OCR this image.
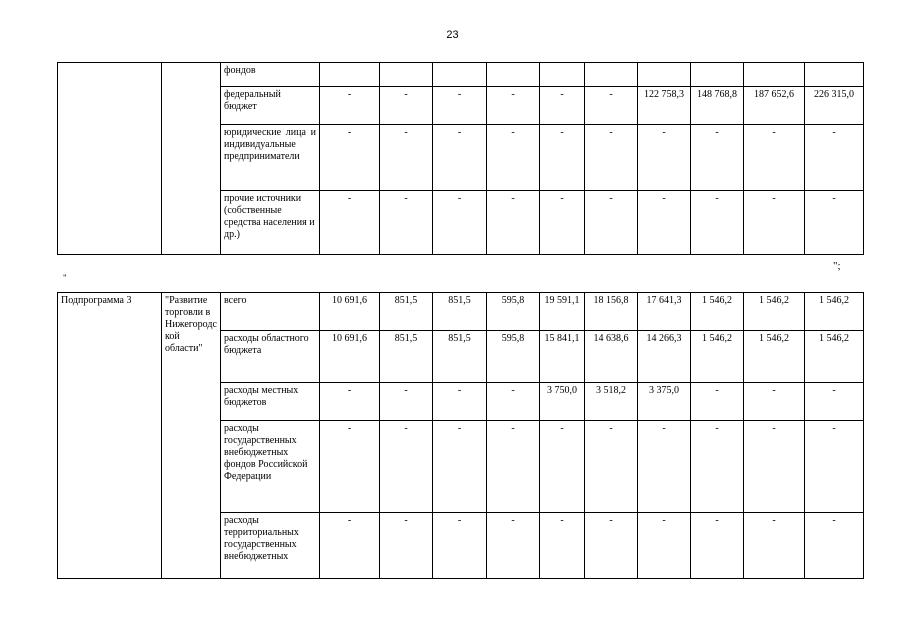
23
		фондов										
		федеральный бюджет	-	-	-	-	-	-	122 758,3	148 768,8	187 652,6	226 315,0
		юридические лица и индивидуальные предприниматели	-	-	-	-	-	-	-	-	-	-
		прочие источники (собственные средства населения и др.)	-	-	-	-	-	-	-	-	-	-
";
"
Подпрограмма 3	"Развитие торговли в Нижегородской области"	всего	10 691,6	851,5	851,5	595,8	19 591,1	18 156,8	17 641,3	1 546,2	1 546,2	1 546,2
		расходы областного бюджета	10 691,6	851,5	851,5	595,8	15 841,1	14 638,6	14 266,3	1 546,2	1 546,2	1 546,2
		расходы местных бюджетов	-	-	-	-	3 750,0	3 518,2	3 375,0	-	-	-
		расходы государственных внебюджетных фондов Российской Федерации	-	-	-	-	-	-	-	-	-	-
		расходы территориальных государственных внебюджетных	-	-	-	-	-	-	-	-	-	-
